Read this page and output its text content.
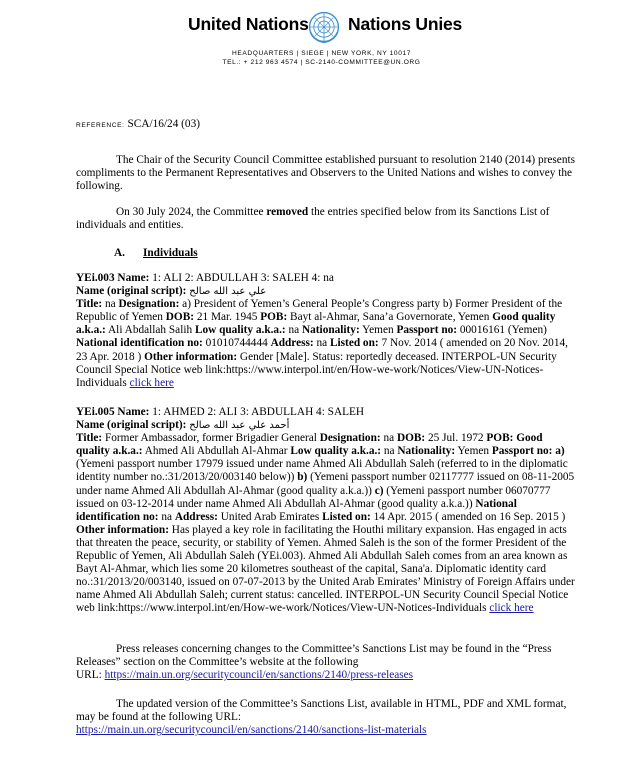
United Nations Nations Unies
HEADQUARTERS | SIEGE | NEW YORK, NY 10017
TEL.: + 212 963 4574 | SC-2140-COMMITTEE@UN.ORG
REFERENCE: SCA/16/24 (03)

The Chair of the Security Council Committee established pursuant to resolution 2140 (2014) presents compliments to the Permanent Representatives and Observers to the United Nations and wishes to convey the following.

On 30 July 2024, the Committee removed the entries specified below from its Sanctions List of individuals and entities.

A. Individuals

YEi.003 Name: 1: ALI 2: ABDULLAH 3: SALEH 4: na

Name (original script): علي عبد الله صالح

Title: na Designation: a) President of Yemen’s General People’s Congress party b) Former President of the Republic of Yemen DOB: 21 Mar. 1945 POB: Bayt al-Ahmar, Sana’a Governorate, Yemen Good quality a.k.a.: Ali Abdallah Salih Low quality a.k.a.: na Nationality: Yemen Passport no: 00016161 (Yemen) National identification no: 01010744444 Address: na Listed on: 7 Nov. 2014 ( amended on 20 Nov. 2014, 23 Apr. 2018 ) Other information: Gender [Male]. Status: reportedly deceased. INTERPOL-UN Security Council Special Notice web link:https://www.interpol.int/en/How-we-work/Notices/View-UN-Notices-Individuals click here

YEi.005 Name: 1: AHMED 2: ALI 3: ABDULLAH 4: SALEH

Name (original script): أحمد علي عبد الله صالح

Title: Former Ambassador, former Brigadier General Designation: na DOB: 25 Jul. 1972 POB: Good quality a.k.a.: Ahmed Ali Abdullah Al-Ahmar Low quality a.k.a.: na Nationality: Yemen Passport no: a) (Yemeni passport number 17979 issued under name Ahmed Ali Abdullah Saleh (referred to in the diplomatic identity number no.:31/2013/20/003140 below)) b) (Yemeni passport number 02117777 issued on 08-11-2005 under name Ahmed Ali Abdullah Al-Ahmar (good quality a.k.a.)) c) (Yemeni passport number 06070777 issued on 03-12-2014 under name Ahmed Ali Abdullah Al-Ahmar (good quality a.k.a.)) National identification no: na Address: United Arab Emirates Listed on: 14 Apr. 2015 ( amended on 16 Sep. 2015 ) Other information: Has played a key role in facilitating the Houthi military expansion. Has engaged in acts that threaten the peace, security, or stability of Yemen. Ahmed Saleh is the son of the former President of the Republic of Yemen, Ali Abdullah Saleh (YEi.003). Ahmed Ali Abdullah Saleh comes from an area known as Bayt Al-Ahmar, which lies some 20 kilometres southeast of the capital, Sana'a. Diplomatic identity card no.:31/2013/20/003140, issued on 07-07-2013 by the United Arab Emirates’ Ministry of Foreign Affairs under name Ahmed Ali Abdullah Saleh; current status: cancelled. INTERPOL-UN Security Council Special Notice web link:https://www.interpol.int/en/How-we-work/Notices/View-UN-Notices-Individuals click here

Press releases concerning changes to the Committee’s Sanctions List may be found in the “Press Releases” section on the Committee’s website at the following

URL: https://main.un.org/securitycouncil/en/sanctions/2140/press-releases

The updated version of the Committee’s Sanctions List, available in HTML, PDF and XML format, may be found at the following URL:

https://main.un.org/securitycouncil/en/sanctions/2140/sanctions-list-materials
